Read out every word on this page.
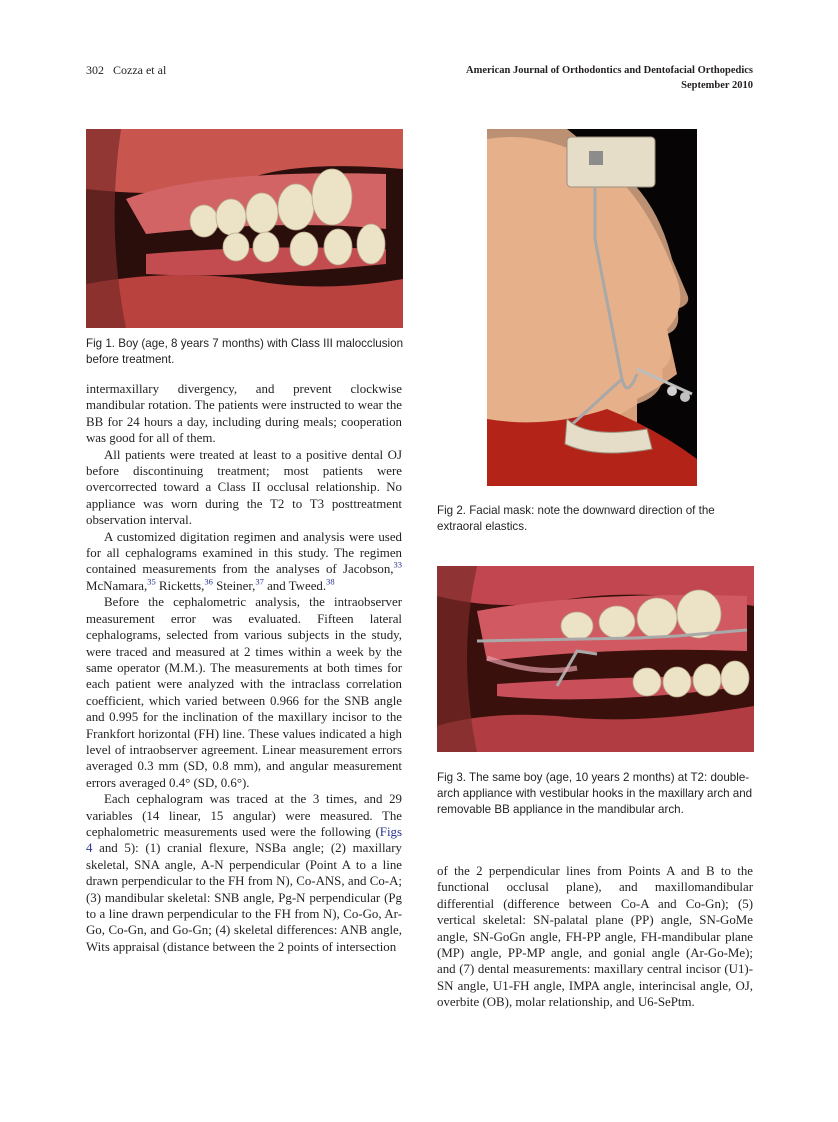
302 Cozza et al	American Journal of Orthodontics and Dentofacial Orthopedics
September 2010
Fig 1. Boy (age, 8 years 7 months) with Class III malocclusion before treatment.
Fig 2. Facial mask: note the downward direction of the extraoral elastics.
Fig 3. The same boy (age, 10 years 2 months) at T2: double-arch appliance with vestibular hooks in the maxillary arch and removable BB appliance in the mandibular arch.

intermaxillary divergency, and prevent clockwise mandibular rotation. The patients were instructed to wear the BB for 24 hours a day, including during meals; cooperation was good for all of them.

All patients were treated at least to a positive dental OJ before discontinuing treatment; most patients were overcorrected toward a Class II occlusal relationship. No appliance was worn during the T2 to T3 posttreatment observation interval.

A customized digitation regimen and analysis were used for all cephalograms examined in this study. The regimen contained measurements from the analyses of Jacobson,$^{33}$ McNamara,$^{35}$ Ricketts,$^{36}$ Steiner,$^{37}$ and Tweed.$^{38}$

Before the cephalometric analysis, the intraobserver measurement error was evaluated. Fifteen lateral cephalograms, selected from various subjects in the study, were traced and measured at 2 times within a week by the same operator (M.M.). The measurements at both times for each patient were analyzed with the intraclass correlation coefficient, which varied between 0.966 for the SNB angle and 0.995 for the inclination of the maxillary incisor to the Frankfort horizontal (FH) line. These values indicated a high level of intraobserver agreement. Linear measurement errors averaged 0.3 mm (SD, 0.8 mm), and angular measurement errors averaged 0.4° (SD, 0.6°).

Each cephalogram was traced at the 3 times, and 29 variables (14 linear, 15 angular) were measured. The cephalometric measurements used were the following (Figs 4 and 5): (1) cranial flexure, NSBa angle; (2) maxillary skeletal, SNA angle, A-N perpendicular (Point A to a line drawn perpendicular to the FH from N), Co-ANS, and Co-A; (3) mandibular skeletal: SNB angle, Pg-N perpendicular (Pg to a line drawn perpendicular to the FH from N), Co-Go, Ar-Go, Co-Gn, and Go-Gn; (4) skeletal differences: ANB angle, Wits appraisal (distance between the 2 points of intersection

of the 2 perpendicular lines from Points A and B to the functional occlusal plane), and maxillomandibular differential (difference between Co-A and Co-Gn); (5) vertical skeletal: SN-palatal plane (PP) angle, SN-GoMe angle, SN-GoGn angle, FH-PP angle, FH-mandibular plane (MP) angle, PP-MP angle, and gonial angle (Ar-Go-Me); and (7) dental measurements: maxillary central incisor (U1)-SN angle, U1-FH angle, IMPA angle, interincisal angle, OJ, overbite (OB), molar relationship, and U6-SePtm.
